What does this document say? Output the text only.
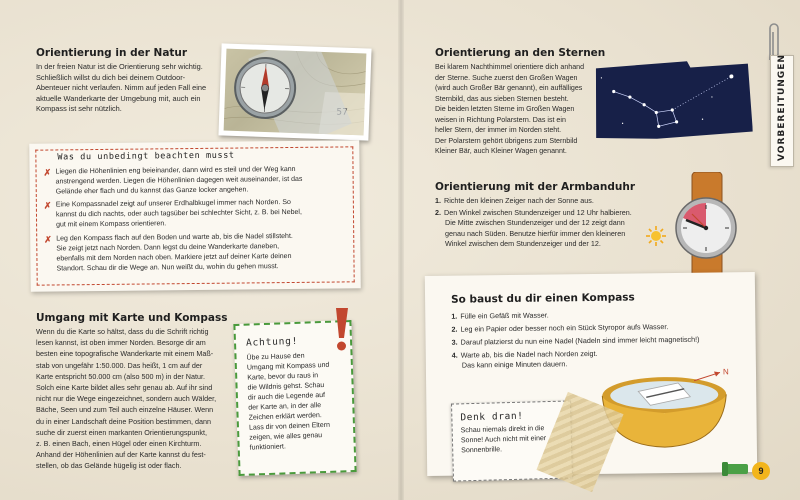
Orientierung in der Natur
In der freien Natur ist die Orientierung sehr wichtig.
Schließlich willst du dich bei deinem Outdoor-
Abenteuer nicht verlaufen. Nimm auf jeden Fall eine
aktuelle Wanderkarte der Umgebung mit, auch ein
Kompass ist sehr nützlich.
Was du unbedingt beachten musst
✗ Liegen die Höhenlinien eng beieinander, dann wird es steil und der Weg kann
anstrengend werden. Liegen die Höhenlinien dagegen weit auseinander, ist das
Gelände eher flach und du kannst das Ganze locker angehen.
✗ Eine Kompassnadel zeigt auf unserer Erdhalbkugel immer nach Norden. So
kannst du dich nachts, oder auch tagsüber bei schlechter Sicht, z. B. bei Nebel,
gut mit einem Kompass orientieren.
✗ Leg den Kompass flach auf den Boden und warte ab, bis die Nadel stillsteht.
Sie zeigt jetzt nach Norden. Dann legst du deine Wanderkarte daneben,
ebenfalls mit dem Norden nach oben. Markiere jetzt auf deiner Karte deinen
Standort. Schau dir die Wege an. Nun weißt du, wohin du gehen musst.
Umgang mit Karte und Kompass
Wenn du die Karte so hältst, dass du die Schrift richtig
lesen kannst, ist oben immer Norden. Besorge dir am
besten eine topografische Wanderkarte mit einem Maß-
stab von ungefähr 1:50.000. Das heißt, 1 cm auf der
Karte entspricht 50.000 cm (also 500 m) in der Natur.
Solch eine Karte bildet alles sehr genau ab. Auf ihr sind
nicht nur die Wege eingezeichnet, sondern auch Wälder,
Bäche, Seen und zum Teil auch einzelne Häuser. Wenn
du in einer Landschaft deine Position bestimmen, dann
suche dir zuerst einen markanten Orientierungspunkt,
z. B. einen Bach, einen Hügel oder einen Kirchturm.
Anhand der Höhenlinien auf der Karte kannst du fest-
stellen, ob das Gelände hügelig ist oder flach.
Achtung!
Übe zu Hause den
Umgang mit Kompass und
Karte, bevor du raus in
die Wildnis gehst. Schau
dir auch die Legende auf
der Karte an, in der alle
Zeichen erklärt werden.
Lass dir von deinen Eltern
zeigen, wie alles genau
funktioniert.
Orientierung an den Sternen
Bei klarem Nachthimmel orientiere dich anhand
der Sterne. Suche zuerst den Großen Wagen
(wird auch Großer Bär genannt), ein auffälliges
Sternbild, das aus sieben Sternen besteht.
Die beiden letzten Sterne im Großen Wagen
weisen in Richtung Polarstern. Das ist ein
heller Stern, der immer im Norden steht.
Der Polarstern gehört übrigens zum Sternbild
Kleiner Bär, auch Kleiner Wagen genannt.	VORBEREITUNGEN
Orientierung mit der Armbanduhr
1. Richte den kleinen Zeiger nach der Sonne aus.
2. Den Winkel zwischen Stundenzeiger und 12 Uhr halbieren.
Die Mitte zwischen Stundenzeiger und der 12 zeigt dann
genau nach Süden. Benutze hierfür immer den kleineren
Winkel zwischen dem Stundenzeiger und der 12.
So baust du dir einen Kompass
1. Fülle ein Gefäß mit Wasser.
2. Leg ein Papier oder besser noch ein Stück Styropor aufs Wasser.
3. Darauf platzierst du nun eine Nadel (Nadeln sind immer leicht magnetisch!)
4. Warte ab, bis die Nadel nach Norden zeigt.
Das kann einige Minuten dauern.
N
Denk dran!
Schau niemals direkt in die
Sonne! Auch nicht mit einer
Sonnenbrille.
9
